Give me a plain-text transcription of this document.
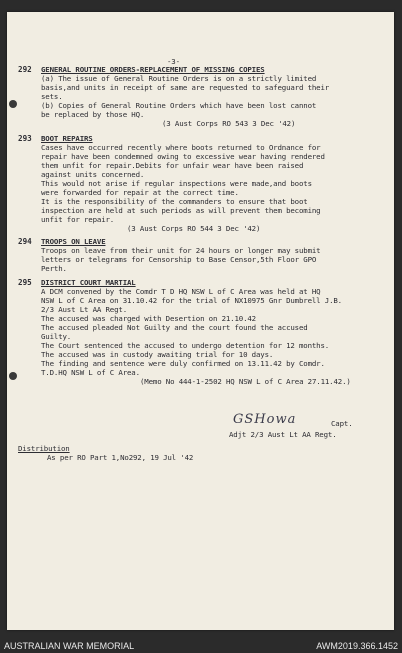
-3-
292 GENERAL ROUTINE ORDERS-REPLACEMENT OF MISSING COPIES
(a) The issue of General Routine Orders is on a strictly limited
basis,and units in receipt of same are requested to safeguard their
sets.
(b) Copies of General Routine Orders which have been lost cannot
be replaced by those HQ.
(3 Aust Corps RO 543 3 Dec '42)
293 BOOT REPAIRS
Cases have occurred recently where boots returned to Ordnance for
repair have been condemned owing to excessive wear having rendered
them unfit for repair.Debits for unfair wear have been raised
against units concerned.
This would not arise if regular inspections were made,and boots
were forwarded for repair at the correct time.
It is the responsibility of the commanders to ensure that boot
inspection are held at such periods as will prevent them becoming
unfit for repair.
(3 Aust Corps RO 544 3 Dec '42)
294 TROOPS ON LEAVE
Troops on leave from their unit for 24 hours or longer may submit
letters or telegrams for Censorship to Base Censor,5th Floor GPO
Perth.
295 DISTRICT COURT MARTIAL
A DCM convened by the Comdr T D HQ NSW L of C Area was held at HQ
NSW L of C Area on 31.10.42 for the trial of NX10975 Gnr Dumbrell J.B.
2/3 Aust Lt AA Regt.
The accused was charged with Desertion on 21.10.42
The accused pleaded Not Guilty and the court found the accused
Guilty.
The Court sentenced the accused to undergo detention for 12 months.
The accused was in custody awaiting trial for 10 days.
The finding and sentence were duly confirmed on 13.11.42 by Comdr.
T.D.HQ NSW L of C Area.
(Memo No 444-1-2502 HQ NSW L of C Area 27.11.42.)
GSHowa	Capt.
Adjt 2/3 Aust Lt AA Regt.
Distribution
As per RO Part 1,No292, 19 Jul '42
AUSTRALIAN WAR MEMORIAL	AWM2019.366.1452
